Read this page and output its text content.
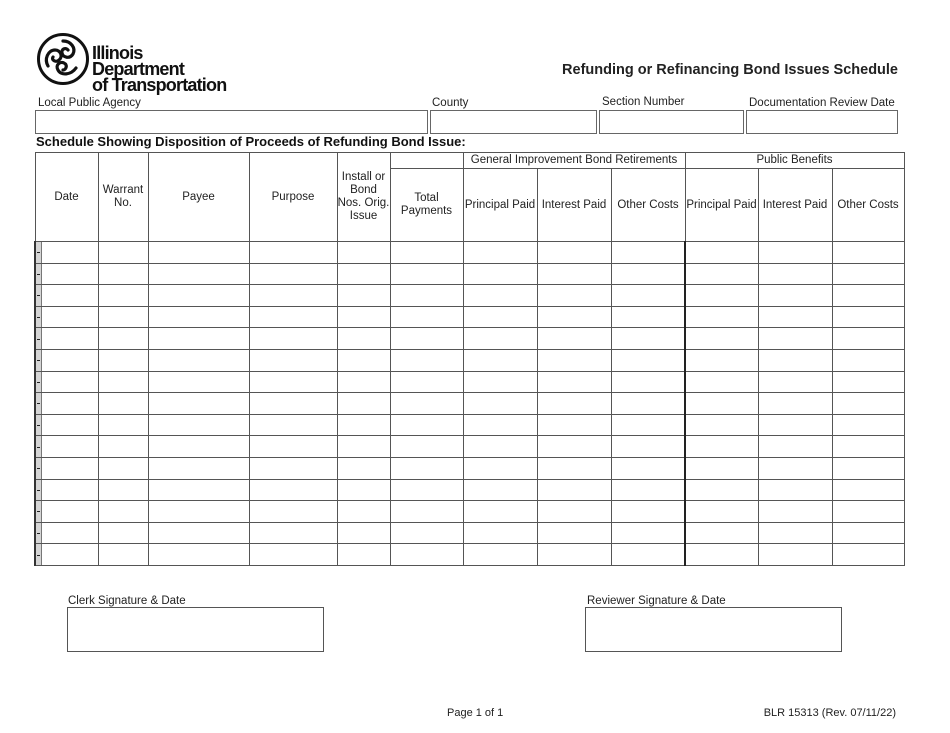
Illinois Department
of Transportation
Refunding or Refinancing Bond Issues Schedule
Local Public Agency	County	Section Number	Documentation Review Date
Schedule Showing Disposition of Proceeds of Refunding Bond Issue:
Date	Warrant No.	Payee	Purpose	Install or Bond Nos. Orig. Issue		General Improvement Bond Retirements			Public Benefits		
					Total Payments	Principal Paid	Interest Paid	Other Costs	Principal Paid	Interest Paid	Other Costs

Clerk Signature & Date	Reviewer Signature & Date
Page 1 of 1	BLR 15313 (Rev. 07/11/22)
